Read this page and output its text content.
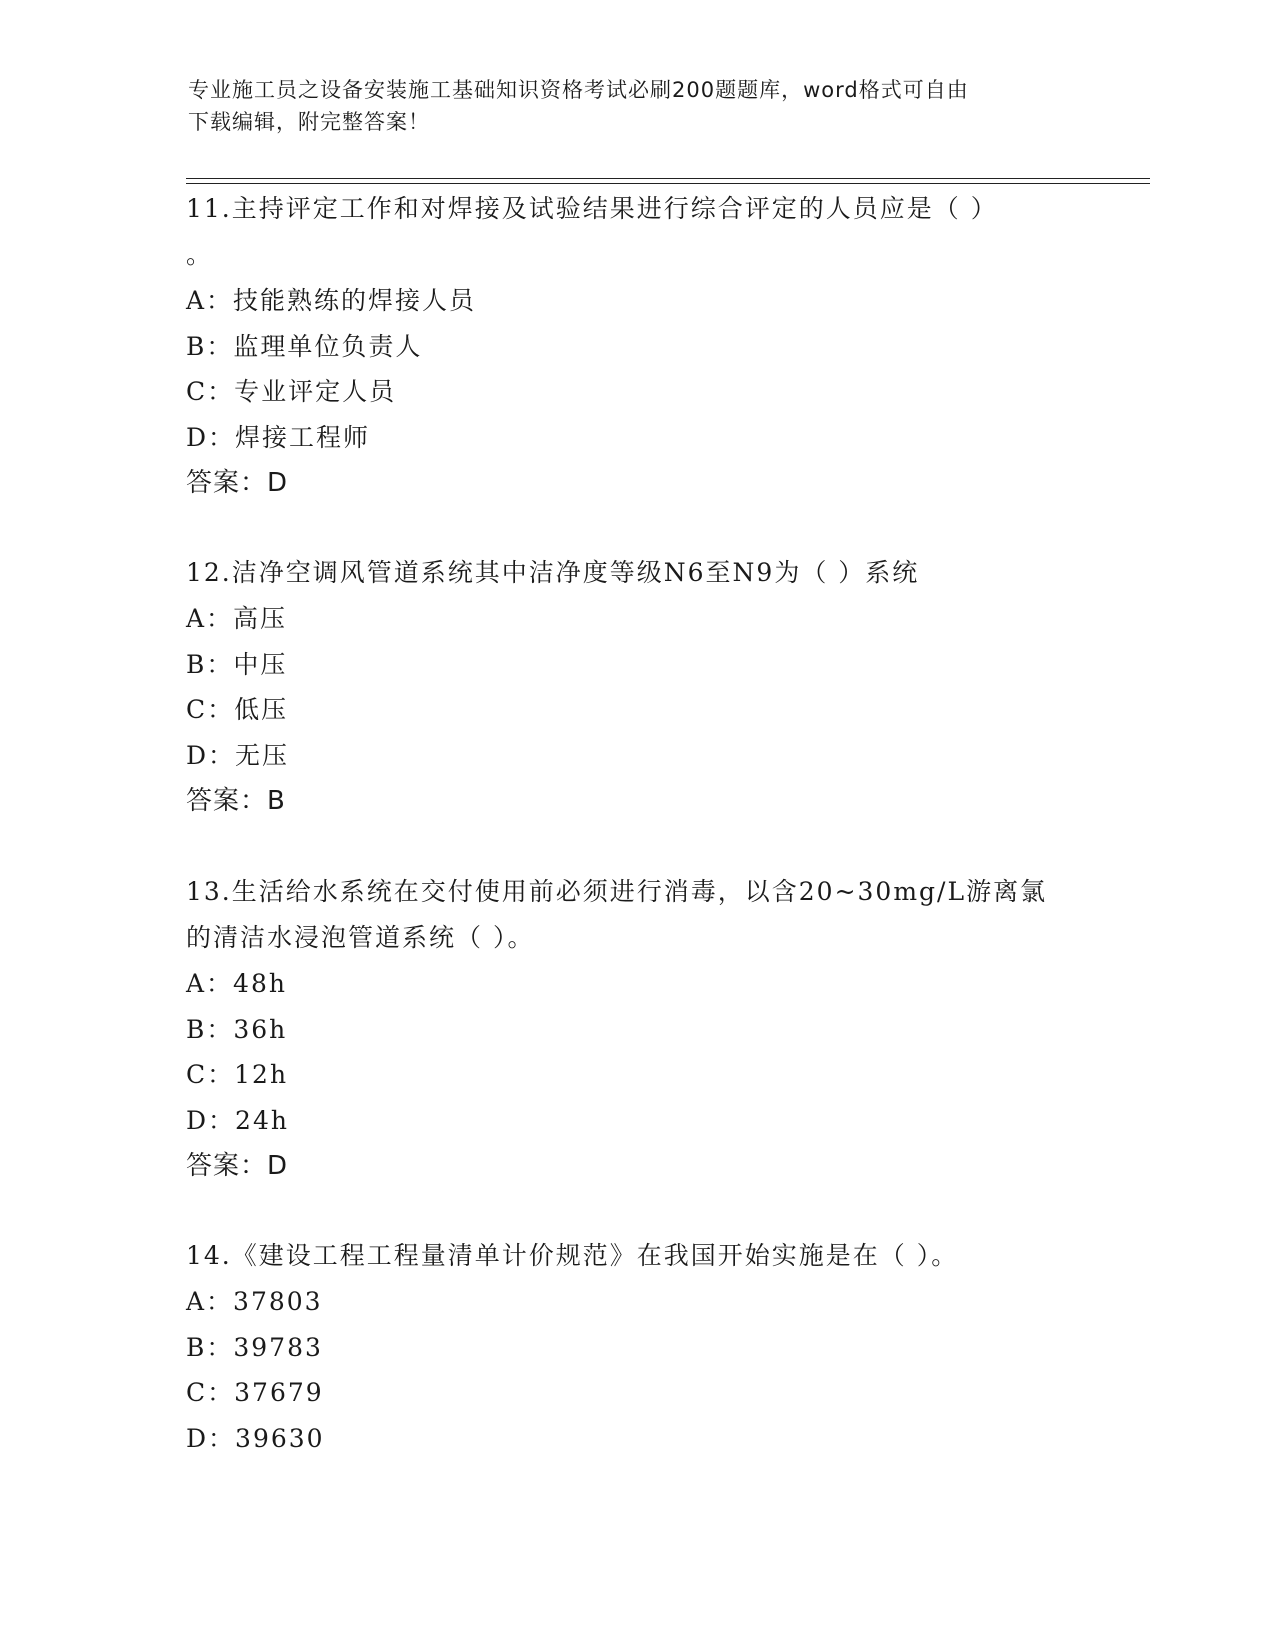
专业施工员之设备安装施工基础知识资格考试必刷200题题库，word格式可自由
下载编辑，附完整答案！
11.主持评定工作和对焊接及试验结果进行综合评定的人员应是（ ）
。
A：技能熟练的焊接人员
B：监理单位负责人
C：专业评定人员
D：焊接工程师
答案：D
12.洁净空调风管道系统其中洁净度等级N6至N9为（ ）系统
A：高压
B：中压
C：低压
D：无压
答案：B
13.生活给水系统在交付使用前必须进行消毒，以含20~30mg/L游离氯
的清洁水浸泡管道系统（ ）。
A：48h
B：36h
C：12h
D：24h
答案：D
14.《建设工程工程量清单计价规范》在我国开始实施是在（ ）。
A：37803
B：39783
C：37679
D：39630
